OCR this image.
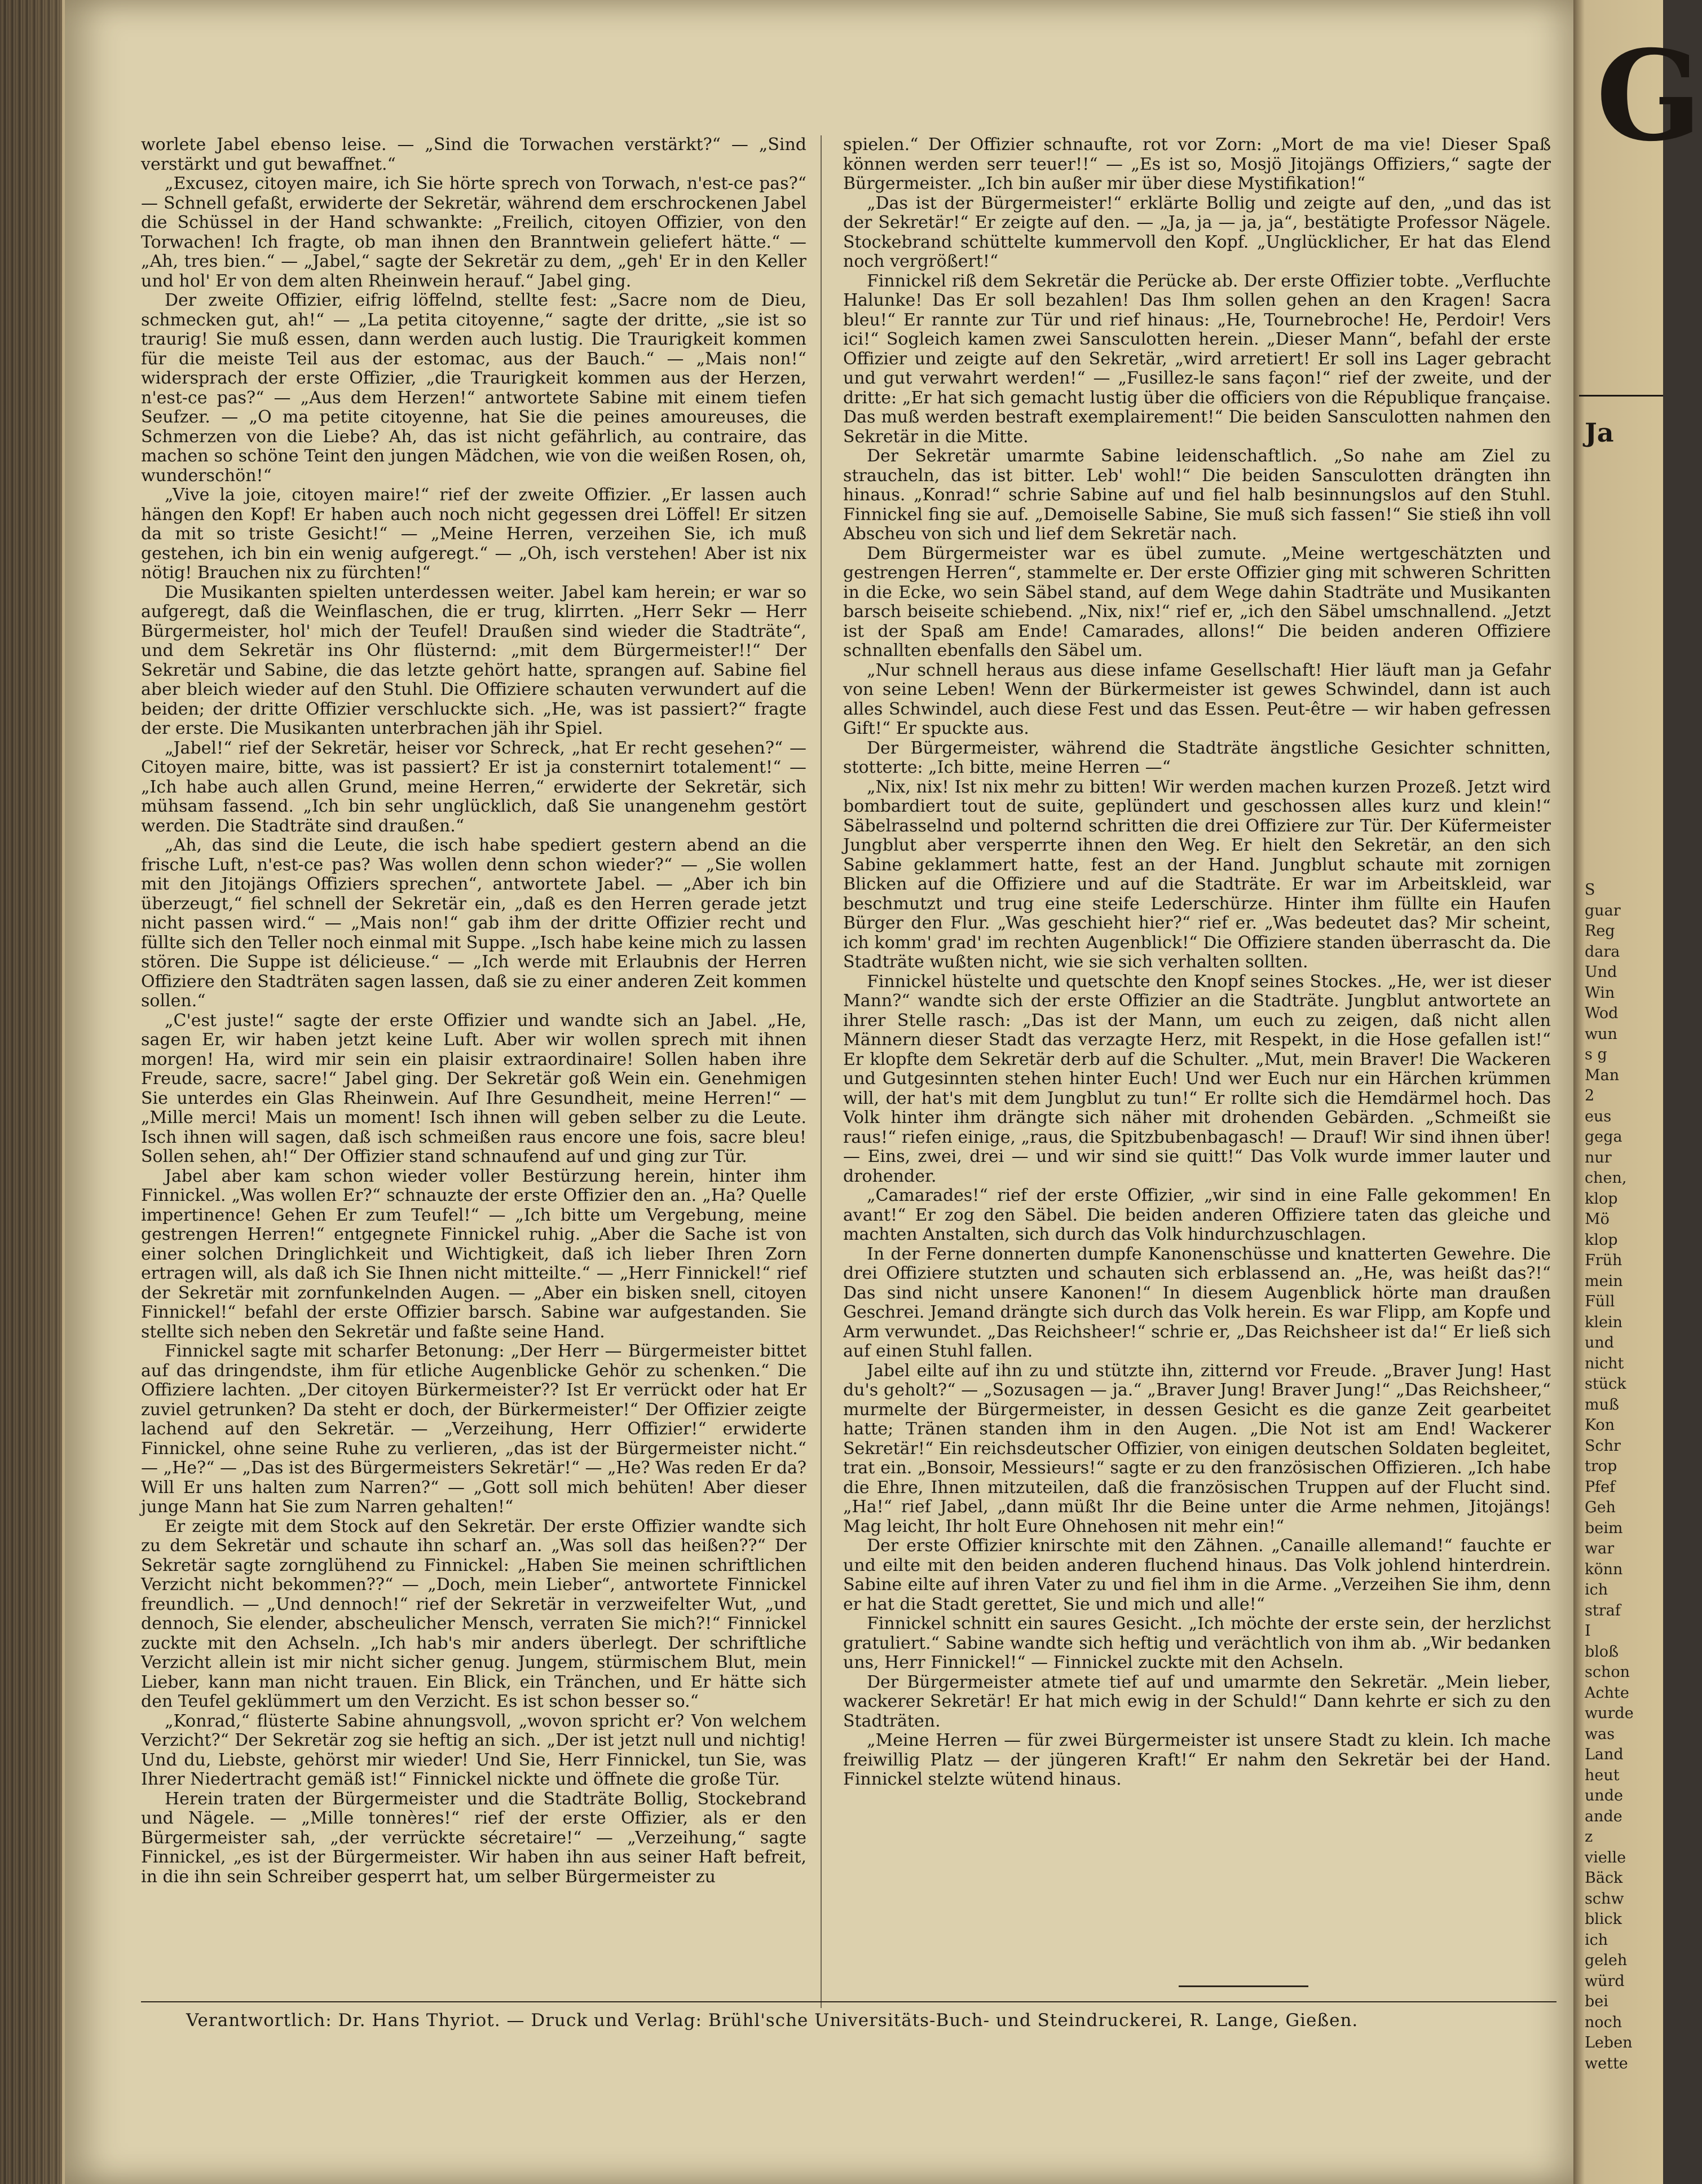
worlete Jabel ebenso leise. — „Sind die Torwachen verstärkt?“ — „Sind verstärkt und gut bewaffnet.“

„Excusez, citoyen maire, ich Sie hörte sprech von Torwach, n'est-ce pas?“ — Schnell gefaßt, erwiderte der Sekretär, während dem erschrockenen Jabel die Schüssel in der Hand schwankte: „Freilich, citoyen Offizier, von den Torwachen! Ich fragte, ob man ihnen den Branntwein geliefert hätte.“ — „Ah, tres bien.“ — „Jabel,“ sagte der Sekretär zu dem, „geh' Er in den Keller und hol' Er von dem alten Rheinwein herauf.“ Jabel ging.

Der zweite Offizier, eifrig löffelnd, stellte fest: „Sacre nom de Dieu, schmecken gut, ah!“ — „La petita citoyenne,“ sagte der dritte, „sie ist so traurig! Sie muß essen, dann werden auch lustig. Die Traurigkeit kommen für die meiste Teil aus der estomac, aus der Bauch.“ — „Mais non!“ widersprach der erste Offizier, „die Traurigkeit kommen aus der Herzen, n'est-ce pas?“ — „Aus dem Herzen!“ antwortete Sabine mit einem tiefen Seufzer. — „O ma petite citoyenne, hat Sie die peines amoureuses, die Schmerzen von die Liebe? Ah, das ist nicht gefährlich, au contraire, das machen so schöne Teint den jungen Mädchen, wie von die weißen Rosen, oh, wunderschön!“

„Vive la joie, citoyen maire!“ rief der zweite Offizier. „Er lassen auch hängen den Kopf! Er haben auch noch nicht gegessen drei Löffel! Er sitzen da mit so triste Gesicht!“ — „Meine Herren, verzeihen Sie, ich muß gestehen, ich bin ein wenig aufgeregt.“ — „Oh, isch verstehen! Aber ist nix nötig! Brauchen nix zu fürchten!“

Die Musikanten spielten unterdessen weiter. Jabel kam herein; er war so aufgeregt, daß die Weinflaschen, die er trug, klirrten. „Herr Sekr — Herr Bürgermeister, hol' mich der Teufel! Draußen sind wieder die Stadträte“, und dem Sekretär ins Ohr flüsternd: „mit dem Bürgermeister!!“ Der Sekretär und Sabine, die das letzte gehört hatte, sprangen auf. Sabine fiel aber bleich wieder auf den Stuhl. Die Offiziere schauten verwundert auf die beiden; der dritte Offizier verschluckte sich. „He, was ist passiert?“ fragte der erste. Die Musikanten unterbrachen jäh ihr Spiel.

„Jabel!“ rief der Sekretär, heiser vor Schreck, „hat Er recht gesehen?“ — Citoyen maire, bitte, was ist passiert? Er ist ja consternirt totalement!“ — „Ich habe auch allen Grund, meine Herren,“ erwiderte der Sekretär, sich mühsam fassend. „Ich bin sehr unglücklich, daß Sie unangenehm gestört werden. Die Stadträte sind draußen.“

„Ah, das sind die Leute, die isch habe spediert gestern abend an die frische Luft, n'est-ce pas? Was wollen denn schon wieder?“ — „Sie wollen mit den Jitojängs Offiziers sprechen“, antwortete Jabel. — „Aber ich bin überzeugt,“ fiel schnell der Sekretär ein, „daß es den Herren gerade jetzt nicht passen wird.“ — „Mais non!“ gab ihm der dritte Offizier recht und füllte sich den Teller noch einmal mit Suppe. „Isch habe keine mich zu lassen stören. Die Suppe ist délicieuse.“ — „Ich werde mit Erlaubnis der Herren Offiziere den Stadträten sagen lassen, daß sie zu einer anderen Zeit kommen sollen.“

„C'est juste!“ sagte der erste Offizier und wandte sich an Jabel. „He, sagen Er, wir haben jetzt keine Luft. Aber wir wollen sprech mit ihnen morgen! Ha, wird mir sein ein plaisir extraordinaire! Sollen haben ihre Freude, sacre, sacre!“ Jabel ging. Der Sekretär goß Wein ein. Genehmigen Sie unterdes ein Glas Rheinwein. Auf Ihre Gesundheit, meine Herren!“ — „Mille merci! Mais un moment! Isch ihnen will geben selber zu die Leute. Isch ihnen will sagen, daß isch schmeißen raus encore une fois, sacre bleu! Sollen sehen, ah!“ Der Offizier stand schnaufend auf und ging zur Tür.

Jabel aber kam schon wieder voller Bestürzung herein, hinter ihm Finnickel. „Was wollen Er?“ schnauzte der erste Offizier den an. „Ha? Quelle impertinence! Gehen Er zum Teufel!“ — „Ich bitte um Vergebung, meine gestrengen Herren!“ entgegnete Finnickel ruhig. „Aber die Sache ist von einer solchen Dringlichkeit und Wichtigkeit, daß ich lieber Ihren Zorn ertragen will, als daß ich Sie Ihnen nicht mitteilte.“ — „Herr Finnickel!“ rief der Sekretär mit zornfunkelnden Augen. — „Aber ein bisken snell, citoyen Finnickel!“ befahl der erste Offizier barsch. Sabine war aufgestanden. Sie stellte sich neben den Sekretär und faßte seine Hand.

Finnickel sagte mit scharfer Betonung: „Der Herr — Bürgermeister bittet auf das dringendste, ihm für etliche Augenblicke Gehör zu schenken.“ Die Offiziere lachten. „Der citoyen Bürkermeister?? Ist Er verrückt oder hat Er zuviel getrunken? Da steht er doch, der Bürkermeister!“ Der Offizier zeigte lachend auf den Sekretär. — „Verzeihung, Herr Offizier!“ erwiderte Finnickel, ohne seine Ruhe zu verlieren, „das ist der Bürgermeister nicht.“ — „He?“ — „Das ist des Bürgermeisters Sekretär!“ — „He? Was reden Er da? Will Er uns halten zum Narren?“ — „Gott soll mich behüten! Aber dieser junge Mann hat Sie zum Narren gehalten!“

Er zeigte mit dem Stock auf den Sekretär. Der erste Offizier wandte sich zu dem Sekretär und schaute ihn scharf an. „Was soll das heißen??“ Der Sekretär sagte zornglühend zu Finnickel: „Haben Sie meinen schriftlichen Verzicht nicht bekommen??“ — „Doch, mein Lieber“, antwortete Finnickel freundlich. — „Und dennoch!“ rief der Sekretär in verzweifelter Wut, „und dennoch, Sie elender, abscheulicher Mensch, verraten Sie mich?!“ Finnickel zuckte mit den Achseln. „Ich hab's mir anders überlegt. Der schriftliche Verzicht allein ist mir nicht sicher genug. Jungem, stürmischem Blut, mein Lieber, kann man nicht trauen. Ein Blick, ein Tränchen, und Er hätte sich den Teufel geklümmert um den Verzicht. Es ist schon besser so.“

„Konrad,“ flüsterte Sabine ahnungsvoll, „wovon spricht er? Von welchem Verzicht?“ Der Sekretär zog sie heftig an sich. „Der ist jetzt null und nichtig! Und du, Liebste, gehörst mir wieder! Und Sie, Herr Finnickel, tun Sie, was Ihrer Niedertracht gemäß ist!“ Finnickel nickte und öffnete die große Tür.

Herein traten der Bürgermeister und die Stadträte Bollig, Stockebrand und Nägele. — „Mille tonnères!“ rief der erste Offizier, als er den Bürgermeister sah, „der verrückte sécretaire!“ — „Verzeihung,“ sagte Finnickel, „es ist der Bürgermeister. Wir haben ihn aus seiner Haft befreit, in die ihn sein Schreiber gesperrt hat, um selber Bürgermeister zu

spielen.“ Der Offizier schnaufte, rot vor Zorn: „Mort de ma vie! Dieser Spaß können werden serr teuer!!“ — „Es ist so, Mosjö Jitojängs Offiziers,“ sagte der Bürgermeister. „Ich bin außer mir über diese Mystifikation!“

„Das ist der Bürgermeister!“ erklärte Bollig und zeigte auf den, „und das ist der Sekretär!“ Er zeigte auf den. — „Ja, ja — ja, ja“, bestätigte Professor Nägele. Stockebrand schüttelte kummervoll den Kopf. „Unglücklicher, Er hat das Elend noch vergrößert!“

Finnickel riß dem Sekretär die Perücke ab. Der erste Offizier tobte. „Verfluchte Halunke! Das Er soll bezahlen! Das Ihm sollen gehen an den Kragen! Sacra bleu!“ Er rannte zur Tür und rief hinaus: „He, Tournebroche! He, Perdoir! Vers ici!“ Sogleich kamen zwei Sansculotten herein. „Dieser Mann“, befahl der erste Offizier und zeigte auf den Sekretär, „wird arretiert! Er soll ins Lager gebracht und gut verwahrt werden!“ — „Fusillez-le sans façon!“ rief der zweite, und der dritte: „Er hat sich gemacht lustig über die officiers von die République française. Das muß werden bestraft exemplairement!“ Die beiden Sansculotten nahmen den Sekretär in die Mitte.

Der Sekretär umarmte Sabine leidenschaftlich. „So nahe am Ziel zu straucheln, das ist bitter. Leb' wohl!“ Die beiden Sansculotten drängten ihn hinaus. „Konrad!“ schrie Sabine auf und fiel halb besinnungslos auf den Stuhl. Finnickel fing sie auf. „Demoiselle Sabine, Sie muß sich fassen!“ Sie stieß ihn voll Abscheu von sich und lief dem Sekretär nach.

Dem Bürgermeister war es übel zumute. „Meine wertgeschätzten und gestrengen Herren“, stammelte er. Der erste Offizier ging mit schweren Schritten in die Ecke, wo sein Säbel stand, auf dem Wege dahin Stadträte und Musikanten barsch beiseite schiebend. „Nix, nix!“ rief er, „ich den Säbel umschnallend. „Jetzt ist der Spaß am Ende! Camarades, allons!“ Die beiden anderen Offiziere schnallten ebenfalls den Säbel um.

„Nur schnell heraus aus diese infame Gesellschaft! Hier läuft man ja Gefahr von seine Leben! Wenn der Bürkermeister ist gewes Schwindel, dann ist auch alles Schwindel, auch diese Fest und das Essen. Peut-être — wir haben gefressen Gift!“ Er spuckte aus.

Der Bürgermeister, während die Stadträte ängstliche Gesichter schnitten, stotterte: „Ich bitte, meine Herren —“

„Nix, nix! Ist nix mehr zu bitten! Wir werden machen kurzen Prozeß. Jetzt wird bombardiert tout de suite, geplündert und geschossen alles kurz und klein!“ Säbelrasselnd und polternd schritten die drei Offiziere zur Tür. Der Küfermeister Jungblut aber versperrte ihnen den Weg. Er hielt den Sekretär, an den sich Sabine geklammert hatte, fest an der Hand. Jungblut schaute mit zornigen Blicken auf die Offiziere und auf die Stadträte. Er war im Arbeitskleid, war beschmutzt und trug eine steife Lederschürze. Hinter ihm füllte ein Haufen Bürger den Flur. „Was geschieht hier?“ rief er. „Was bedeutet das? Mir scheint, ich komm' grad' im rechten Augenblick!“ Die Offiziere standen überrascht da. Die Stadträte wußten nicht, wie sie sich verhalten sollten.

Finnickel hüstelte und quetschte den Knopf seines Stockes. „He, wer ist dieser Mann?“ wandte sich der erste Offizier an die Stadträte. Jungblut antwortete an ihrer Stelle rasch: „Das ist der Mann, um euch zu zeigen, daß nicht allen Männern dieser Stadt das verzagte Herz, mit Respekt, in die Hose gefallen ist!“ Er klopfte dem Sekretär derb auf die Schulter. „Mut, mein Braver! Die Wackeren und Gutgesinnten stehen hinter Euch! Und wer Euch nur ein Härchen krümmen will, der hat's mit dem Jungblut zu tun!“ Er rollte sich die Hemdärmel hoch. Das Volk hinter ihm drängte sich näher mit drohenden Gebärden. „Schmeißt sie raus!“ riefen einige, „raus, die Spitzbubenbagasch! — Drauf! Wir sind ihnen über! — Eins, zwei, drei — und wir sind sie quitt!“ Das Volk wurde immer lauter und drohender.

„Camarades!“ rief der erste Offizier, „wir sind in eine Falle gekommen! En avant!“ Er zog den Säbel. Die beiden anderen Offiziere taten das gleiche und machten Anstalten, sich durch das Volk hindurchzuschlagen.

In der Ferne donnerten dumpfe Kanonenschüsse und knatterten Gewehre. Die drei Offiziere stutzten und schauten sich erblassend an. „He, was heißt das?!“ Das sind nicht unsere Kanonen!“ In diesem Augenblick hörte man draußen Geschrei. Jemand drängte sich durch das Volk herein. Es war Flipp, am Kopfe und Arm verwundet. „Das Reichsheer!“ schrie er, „Das Reichsheer ist da!“ Er ließ sich auf einen Stuhl fallen.

Jabel eilte auf ihn zu und stützte ihn, zitternd vor Freude. „Braver Jung! Hast du's geholt?“ — „Sozusagen — ja.“ „Braver Jung! Braver Jung!“ „Das Reichsheer,“ murmelte der Bürgermeister, in dessen Gesicht es die ganze Zeit gearbeitet hatte; Tränen standen ihm in den Augen. „Die Not ist am End! Wackerer Sekretär!“ Ein reichsdeutscher Offizier, von einigen deutschen Soldaten begleitet, trat ein. „Bonsoir, Messieurs!“ sagte er zu den französischen Offizieren. „Ich habe die Ehre, Ihnen mitzuteilen, daß die französischen Truppen auf der Flucht sind. „Ha!“ rief Jabel, „dann müßt Ihr die Beine unter die Arme nehmen, Jitojängs! Mag leicht, Ihr holt Eure Ohnehosen nit mehr ein!“

Der erste Offizier knirschte mit den Zähnen. „Canaille allemand!“ fauchte er und eilte mit den beiden anderen fluchend hinaus. Das Volk johlend hinterdrein. Sabine eilte auf ihren Vater zu und fiel ihm in die Arme. „Verzeihen Sie ihm, denn er hat die Stadt gerettet, Sie und mich und alle!“

Finnickel schnitt ein saures Gesicht. „Ich möchte der erste sein, der herzlichst gratuliert.“ Sabine wandte sich heftig und verächtlich von ihm ab. „Wir bedanken uns, Herr Finnickel!“ — Finnickel zuckte mit den Achseln.

Der Bürgermeister atmete tief auf und umarmte den Sekretär. „Mein lieber, wackerer Sekretär! Er hat mich ewig in der Schuld!“ Dann kehrte er sich zu den Stadträten.

„Meine Herren — für zwei Bürgermeister ist unsere Stadt zu klein. Ich mache freiwillig Platz — der jüngeren Kraft!“ Er nahm den Sekretär bei der Hand. Finnickel stelzte wütend hinaus.

Verantwortlich: Dr. Hans Thyriot. — Druck und Verlag: Brühl'sche Universitäts-Buch- und Steindruckerei, R. Lange, Gießen.
G
Ja
S
guar
Reg
dara
Und
Win
Wod
wun
s g
Man
2
eus
gega
nur
chen,
klop
Mö
klop
Früh
mein
Füll
klein
und
nicht
stück
muß
Kon
Schr
trop
Pfef
Geh
beim
war
könn
ich
straf
I
bloß
schon
Achte
wurde
was
Land
heut
unde
ande
z
vielle
Bäck
schw
blick
ich
geleh
würd
bei
noch
Leben
wette
